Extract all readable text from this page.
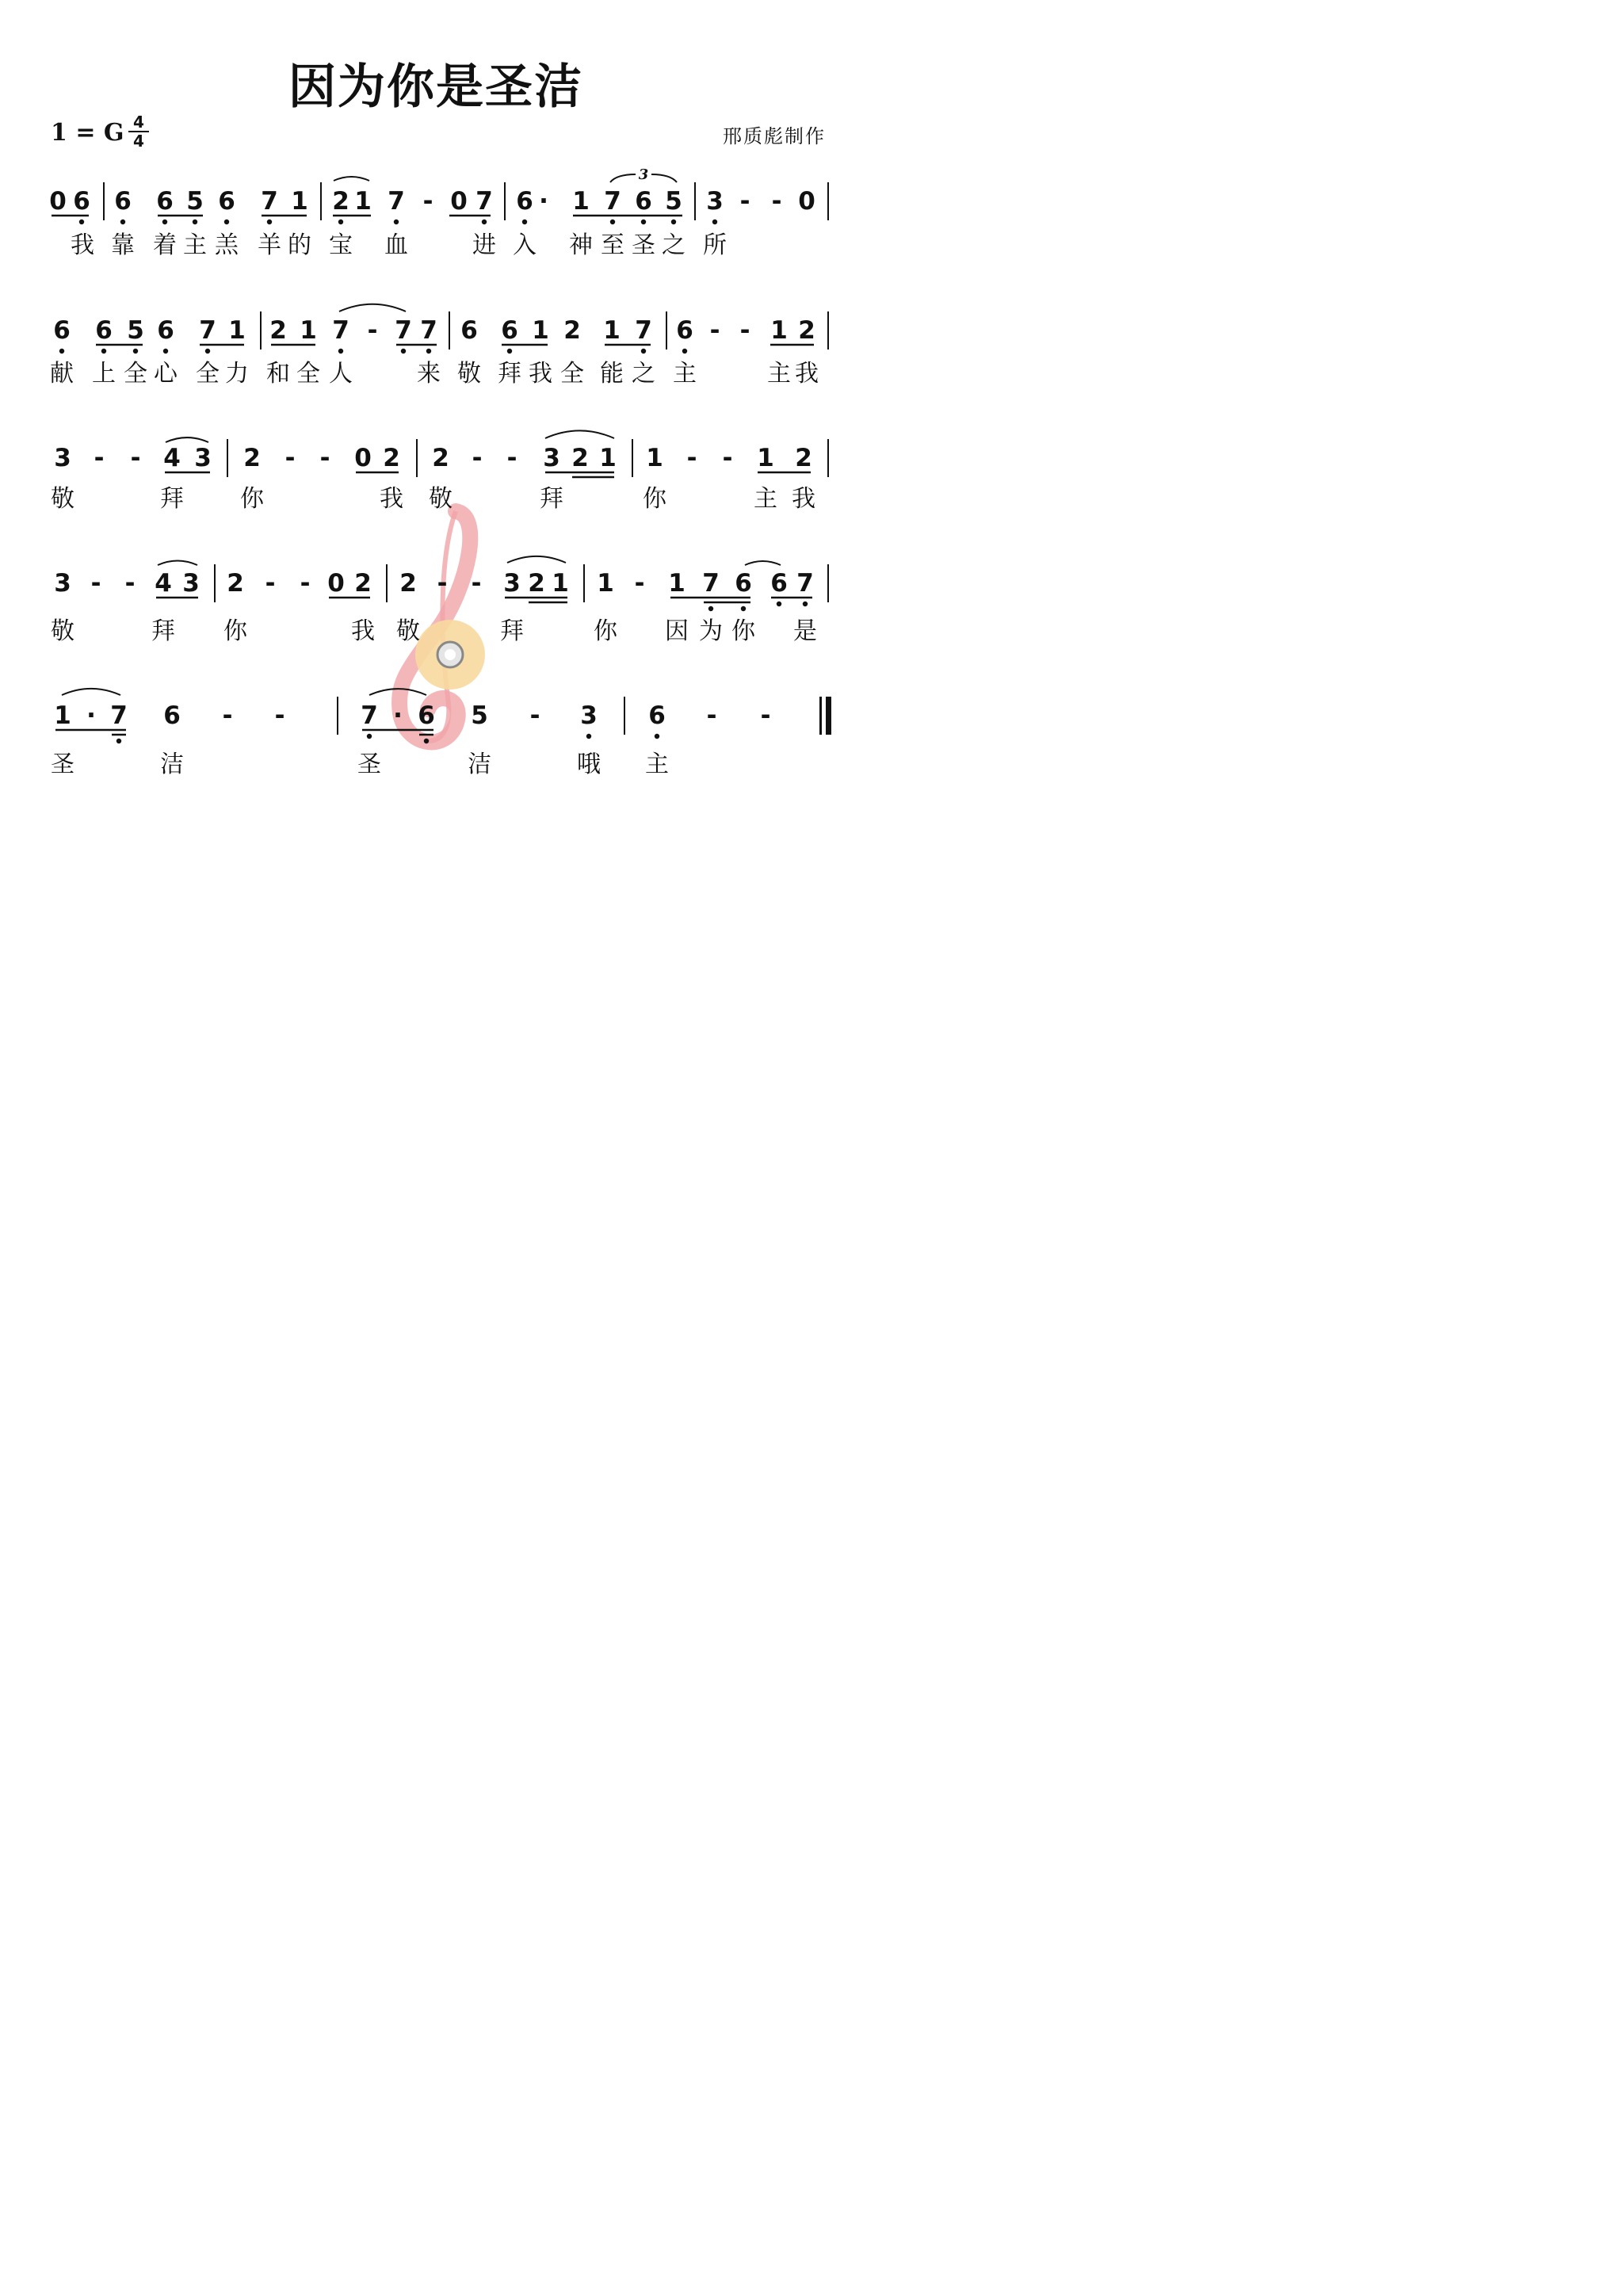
因为你是圣洁
1 = G 4
4	邢质彪制作
0 6 6 6 5 6 7 1 2 1 7 - 0 7 6 · 1 7 6 5 3 - - 0
我 靠 着 主 羔 羊 的 宝 血	进 入 神 至 圣 之 所
6 6 5 6 7 1 2 1 7 - 7 7 6 6 1 2 1 7 6 - - 1 2
献 上 全 心 全 力 和 全 人	来 敬 拜 我 全 能 之 主	主 我
3 - - 4 3 2 - - 0 2 2 - - 3 2 1 1 - - 1 2
敬	拜 你	我 敬	拜	你	主 我
3 - - 4 3 2 - - 0 2 2 - - 3 2 1 1 - 1 7 6 6 7
敬	拜 你	我 敬	拜	你 因 为 你 是
1 · 7 6 - -	7 · 6 5 - 3 6 - -
圣	洁	圣	洁	哦 主
3
